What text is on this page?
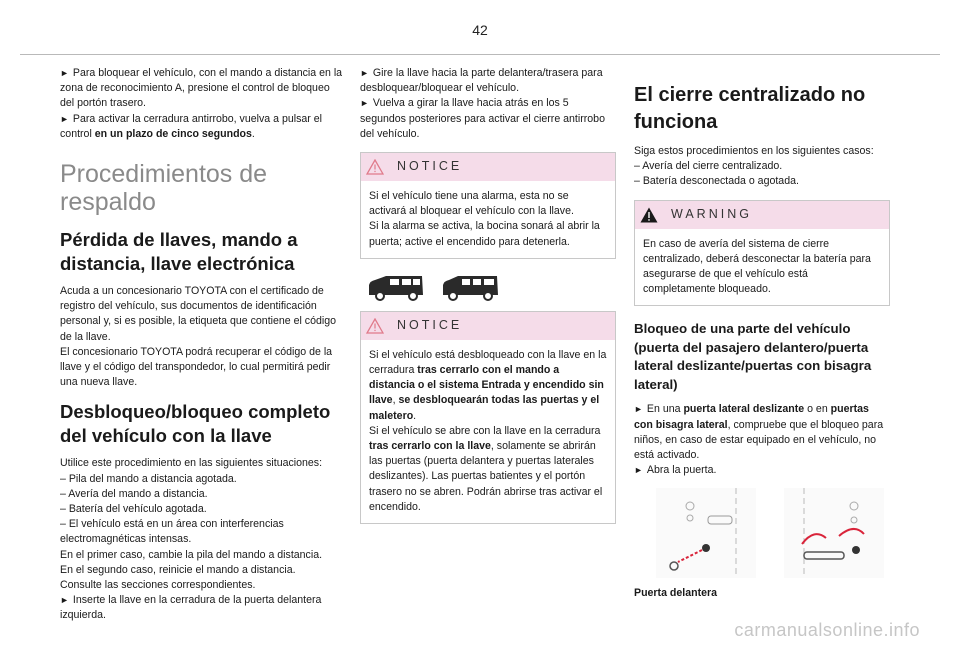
42

► Para bloquear el vehículo, con el mando a distancia en la zona de reconocimiento A, presione el control de bloqueo del portón trasero.

► Para activar la cerradura antirrobo, vuelva a pulsar el control en un plazo de cinco segundos.

Procedimientos de respaldo
Pérdida de llaves, mando a distancia, llave electrónica

Acuda a un concesionario TOYOTA con el certificado de registro del vehículo, sus documentos de identificación personal y, si es posible, la etiqueta que contiene el código de la llave.

El concesionario TOYOTA podrá recuperar el código de la llave y el código del transpondedor, lo cual permitirá pedir una nueva llave.

Desbloqueo/bloqueo completo del vehículo con la llave

Utilice este procedimiento en las siguientes situaciones:

– Pila del mando a distancia agotada.

– Avería del mando a distancia.

– Batería del vehículo agotada.

– El vehículo está en un área con interferencias electromagnéticas intensas.

En el primer caso, cambie la pila del mando a distancia.

En el segundo caso, reinicie el mando a distancia.

Consulte las secciones correspondientes.

► Inserte la llave en la cerradura de la puerta delantera izquierda.

► Gire la llave hacia la parte delantera/trasera para desbloquear/bloquear el vehículo.

► Vuelva a girar la llave hacia atrás en los 5 segundos posteriores para activar el cierre antirrobo del vehículo.

NOTICE

Si el vehículo tiene una alarma, esta no se activará al bloquear el vehículo con la llave.

Si la alarma se activa, la bocina sonará al abrir la puerta; active el encendido para detenerla.

NOTICE

Si el vehículo está desbloqueado con la llave en la cerradura tras cerrarlo con el mando a distancia o el sistema Entrada y encendido sin llave, se desbloquearán todas las puertas y el maletero.

Si el vehículo se abre con la llave en la cerradura tras cerrarlo con la llave, solamente se abrirán las puertas (puerta delantera y puertas laterales deslizantes). Las puertas batientes y el portón trasero no se abren. Podrán abrirse tras activar el encendido.

El cierre centralizado no funciona

Siga estos procedimientos en los siguientes casos:

– Avería del cierre centralizado.

– Batería desconectada o agotada.

WARNING
En caso de avería del sistema de cierre centralizado, deberá desconectar la batería para asegurarse de que el vehículo está completamente bloqueado.
Bloqueo de una parte del vehículo (puerta del pasajero delantero/puerta lateral deslizante/puertas con bisagra lateral)

► En una puerta lateral deslizante o en puertas con bisagra lateral, compruebe que el bloqueo para niños, en caso de estar equipado en el vehículo, no está activado.

► Abra la puerta.

Puerta delantera

carmanualsonline.info
